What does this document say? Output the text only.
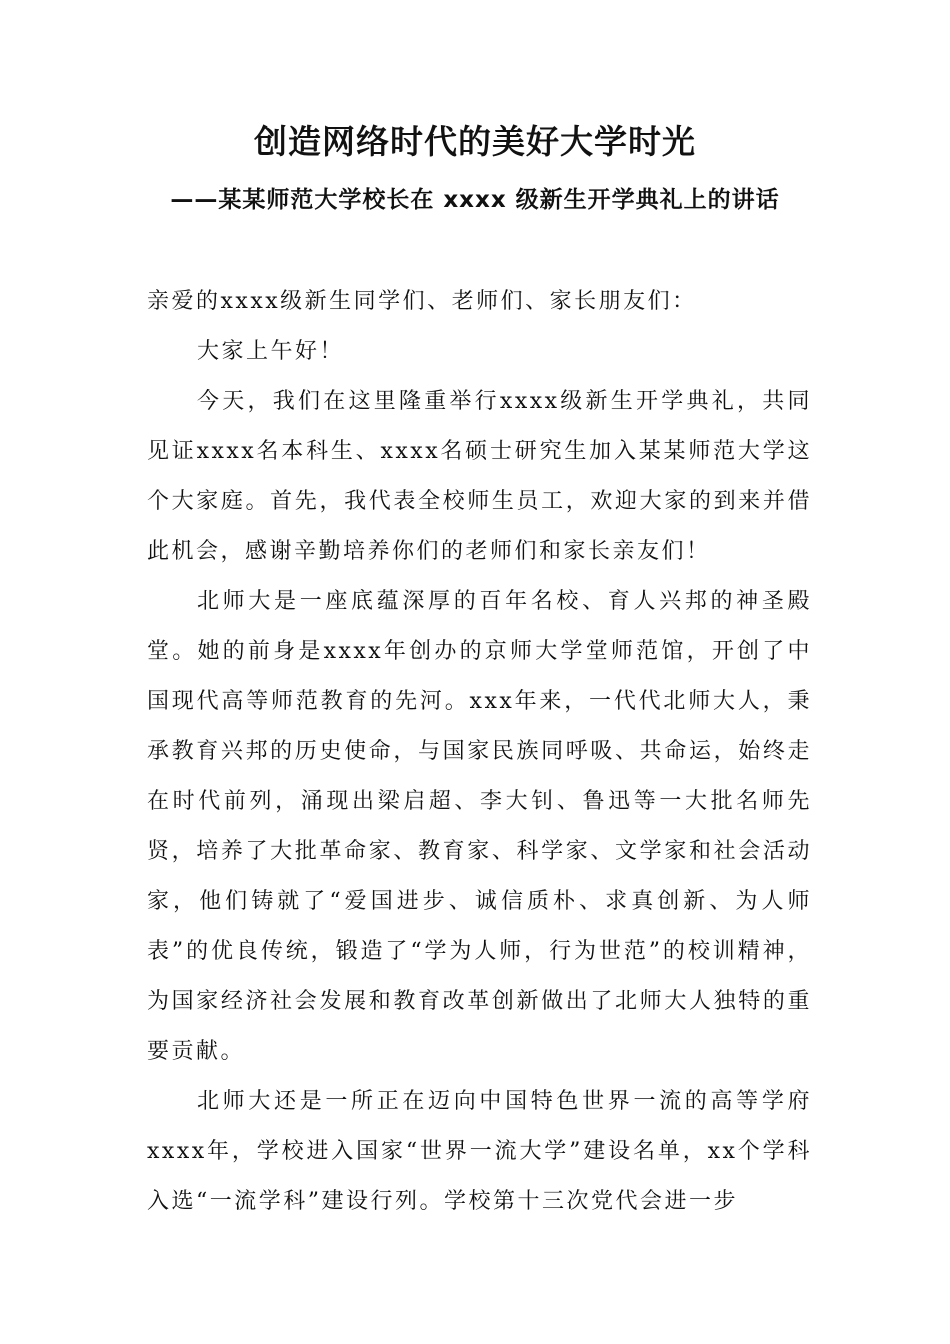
创造网络时代的美好大学时光
——某某师范大学校长在 xxxx 级新生开学典礼上的讲话

亲爱的xxxx级新生同学们、老师们、家长朋友们：

大家上午好！

今天，我们在这里隆重举行xxxx级新生开学典礼，共同见证xxxx名本科生、xxxx名硕士研究生加入某某师范大学这个大家庭。首先，我代表全校师生员工，欢迎大家的到来并借此机会，感谢辛勤培养你们的老师们和家长亲友们！

北师大是一座底蕴深厚的百年名校、育人兴邦的神圣殿堂。她的前身是xxxx年创办的京师大学堂师范馆，开创了中国现代高等师范教育的先河。xxx年来，一代代北师大人，秉承教育兴邦的历史使命，与国家民族同呼吸、共命运，始终走在时代前列，涌现出梁启超、李大钊、鲁迅等一大批名师先贤，培养了大批革命家、教育家、科学家、文学家和社会活动家，他们铸就了“爱国进步、诚信质朴、求真创新、为人师表”的优良传统，锻造了“学为人师，行为世范”的校训精神，为国家经济社会发展和教育改革创新做出了北师大人独特的重要贡献。

北师大还是一所正在迈向中国特色世界一流的高等学府xxxx年，学校进入国家“世界一流大学”建设名单，xx个学科入选“一流学科”建设行列。学校第十三次党代会进一步
